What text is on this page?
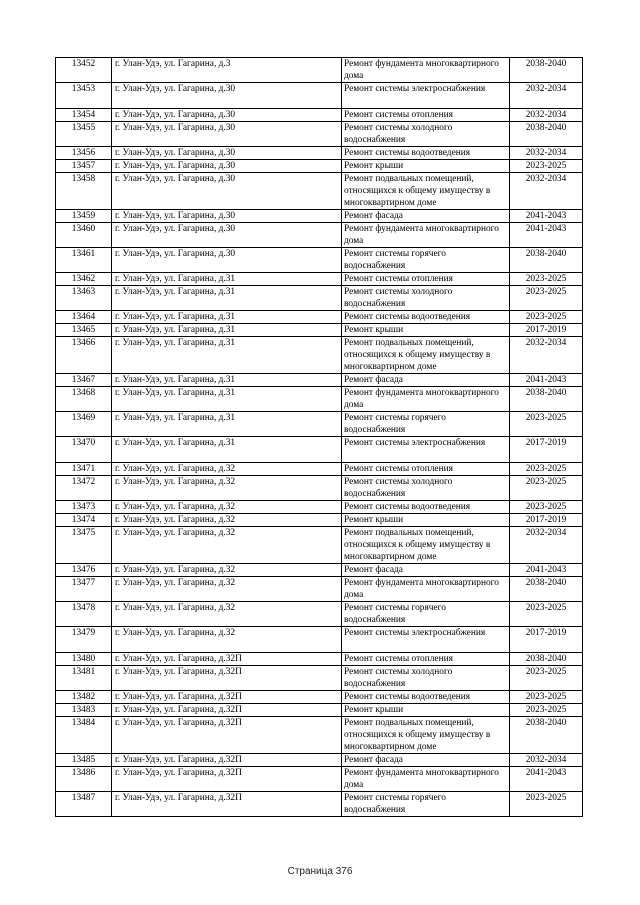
13452	г. Улан-Удэ, ул. Гагарина, д.3	Ремонт фундамента многоквартирного дома	2038-2040
13453	г. Улан-Удэ, ул. Гагарина, д.30	Ремонт системы электроснабжения	2032-2034
13454	г. Улан-Удэ, ул. Гагарина, д.30	Ремонт системы отопления	2032-2034
13455	г. Улан-Удэ, ул. Гагарина, д.30	Ремонт системы холодного водоснабжения	2038-2040
13456	г. Улан-Удэ, ул. Гагарина, д.30	Ремонт системы водоотведения	2032-2034
13457	г. Улан-Удэ, ул. Гагарина, д.30	Ремонт крыши	2023-2025
13458	г. Улан-Удэ, ул. Гагарина, д.30	Ремонт подвальных помещений, относящихся к общему имуществу в многоквартирном доме	2032-2034
13459	г. Улан-Удэ, ул. Гагарина, д.30	Ремонт фасада	2041-2043
13460	г. Улан-Удэ, ул. Гагарина, д.30	Ремонт фундамента многоквартирного дома	2041-2043
13461	г. Улан-Удэ, ул. Гагарина, д.30	Ремонт системы горячего водоснабжения	2038-2040
13462	г. Улан-Удэ, ул. Гагарина, д.31	Ремонт системы отопления	2023-2025
13463	г. Улан-Удэ, ул. Гагарина, д.31	Ремонт системы холодного водоснабжения	2023-2025
13464	г. Улан-Удэ, ул. Гагарина, д.31	Ремонт системы водоотведения	2023-2025
13465	г. Улан-Удэ, ул. Гагарина, д.31	Ремонт крыши	2017-2019
13466	г. Улан-Удэ, ул. Гагарина, д.31	Ремонт подвальных помещений, относящихся к общему имуществу в многоквартирном доме	2032-2034
13467	г. Улан-Удэ, ул. Гагарина, д.31	Ремонт фасада	2041-2043
13468	г. Улан-Удэ, ул. Гагарина, д.31	Ремонт фундамента многоквартирного дома	2038-2040
13469	г. Улан-Удэ, ул. Гагарина, д.31	Ремонт системы горячего водоснабжения	2023-2025
13470	г. Улан-Удэ, ул. Гагарина, д.31	Ремонт системы электроснабжения	2017-2019
13471	г. Улан-Удэ, ул. Гагарина, д.32	Ремонт системы отопления	2023-2025
13472	г. Улан-Удэ, ул. Гагарина, д.32	Ремонт системы холодного водоснабжения	2023-2025
13473	г. Улан-Удэ, ул. Гагарина, д.32	Ремонт системы водоотведения	2023-2025
13474	г. Улан-Удэ, ул. Гагарина, д.32	Ремонт крыши	2017-2019
13475	г. Улан-Удэ, ул. Гагарина, д.32	Ремонт подвальных помещений, относящихся к общему имуществу в многоквартирном доме	2032-2034
13476	г. Улан-Удэ, ул. Гагарина, д.32	Ремонт фасада	2041-2043
13477	г. Улан-Удэ, ул. Гагарина, д.32	Ремонт фундамента многоквартирного дома	2038-2040
13478	г. Улан-Удэ, ул. Гагарина, д.32	Ремонт системы горячего водоснабжения	2023-2025
13479	г. Улан-Удэ, ул. Гагарина, д.32	Ремонт системы электроснабжения	2017-2019
13480	г. Улан-Удэ, ул. Гагарина, д.32П	Ремонт системы отопления	2038-2040
13481	г. Улан-Удэ, ул. Гагарина, д.32П	Ремонт системы холодного водоснабжения	2023-2025
13482	г. Улан-Удэ, ул. Гагарина, д.32П	Ремонт системы водоотведения	2023-2025
13483	г. Улан-Удэ, ул. Гагарина, д.32П	Ремонт крыши	2023-2025
13484	г. Улан-Удэ, ул. Гагарина, д.32П	Ремонт подвальных помещений, относящихся к общему имуществу в многоквартирном доме	2038-2040
13485	г. Улан-Удэ, ул. Гагарина, д.32П	Ремонт фасада	2032-2034
13486	г. Улан-Удэ, ул. Гагарина, д.32П	Ремонт фундамента многоквартирного дома	2041-2043
13487	г. Улан-Удэ, ул. Гагарина, д.32П	Ремонт системы горячего водоснабжения	2023-2025
Страница 376
